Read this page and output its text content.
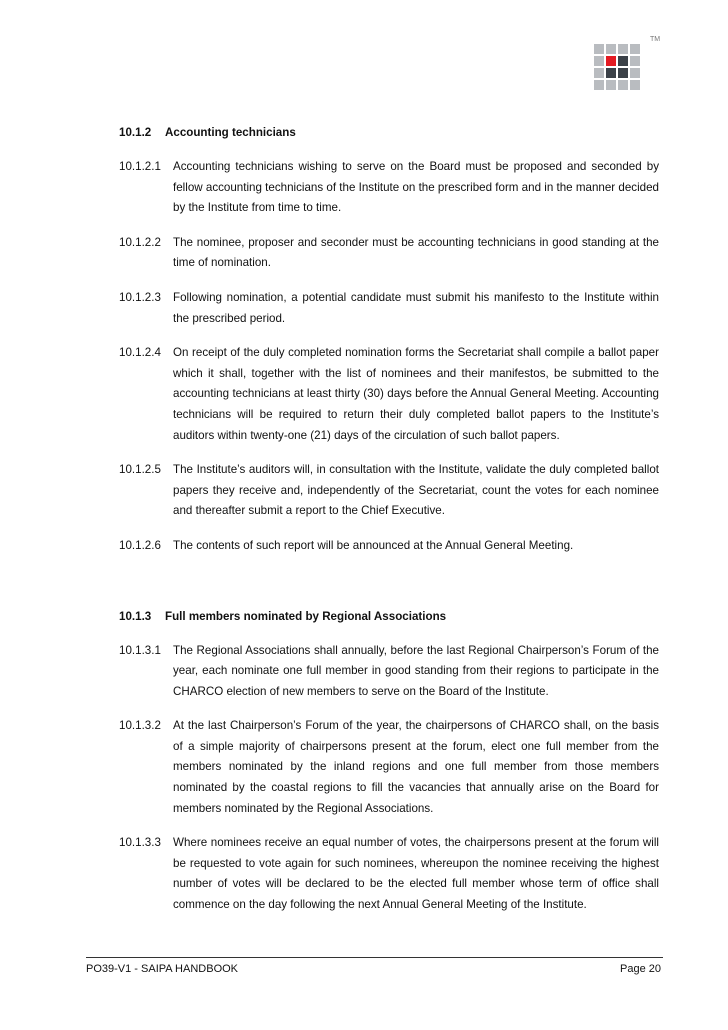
TM
10.1.2	Accounting technicians
10.1.2.1	Accounting technicians wishing to serve on the Board must be proposed and seconded by fellow accounting technicians of the Institute on the prescribed form and in the manner decided by the Institute from time to time.
10.1.2.2	The nominee, proposer and seconder must be accounting technicians in good standing at the time of nomination.
10.1.2.3	Following nomination, a potential candidate must submit his manifesto to the Institute within the prescribed period.
10.1.2.4	On receipt of the duly completed nomination forms the Secretariat shall compile a ballot paper which it shall, together with the list of nominees and their manifestos, be submitted to the accounting technicians at least thirty (30) days before the Annual General Meeting. Accounting technicians will be required to return their duly completed ballot papers to the Institute’s auditors within twenty-one (21) days of the circulation of such ballot papers.
10.1.2.5	The Institute’s auditors will, in consultation with the Institute, validate the duly completed ballot papers they receive and, independently of the Secretariat, count the votes for each nominee and thereafter submit a report to the Chief Executive.
10.1.2.6	The contents of such report will be announced at the Annual General Meeting.
10.1.3	Full members nominated by Regional Associations
10.1.3.1	The Regional Associations shall annually, before the last Regional Chairperson’s Forum of the year, each nominate one full member in good standing from their regions to participate in the CHARCO election of new members to serve on the Board of the Institute.
10.1.3.2	At the last Chairperson’s Forum of the year, the chairpersons of CHARCO shall, on the basis of a simple majority of chairpersons present at the forum, elect one full member from the members nominated by the inland regions and one full member from those members nominated by the coastal regions to fill the vacancies that annually arise on the Board for members nominated by the Regional Associations.
10.1.3.3	Where nominees receive an equal number of votes, the chairpersons present at the forum will be requested to vote again for such nominees, whereupon the nominee receiving the highest number of votes will be declared to be the elected full member whose term of office shall commence on the day following the next Annual General Meeting of the Institute.
PO39-V1 - SAIPA HANDBOOK	Page 20
